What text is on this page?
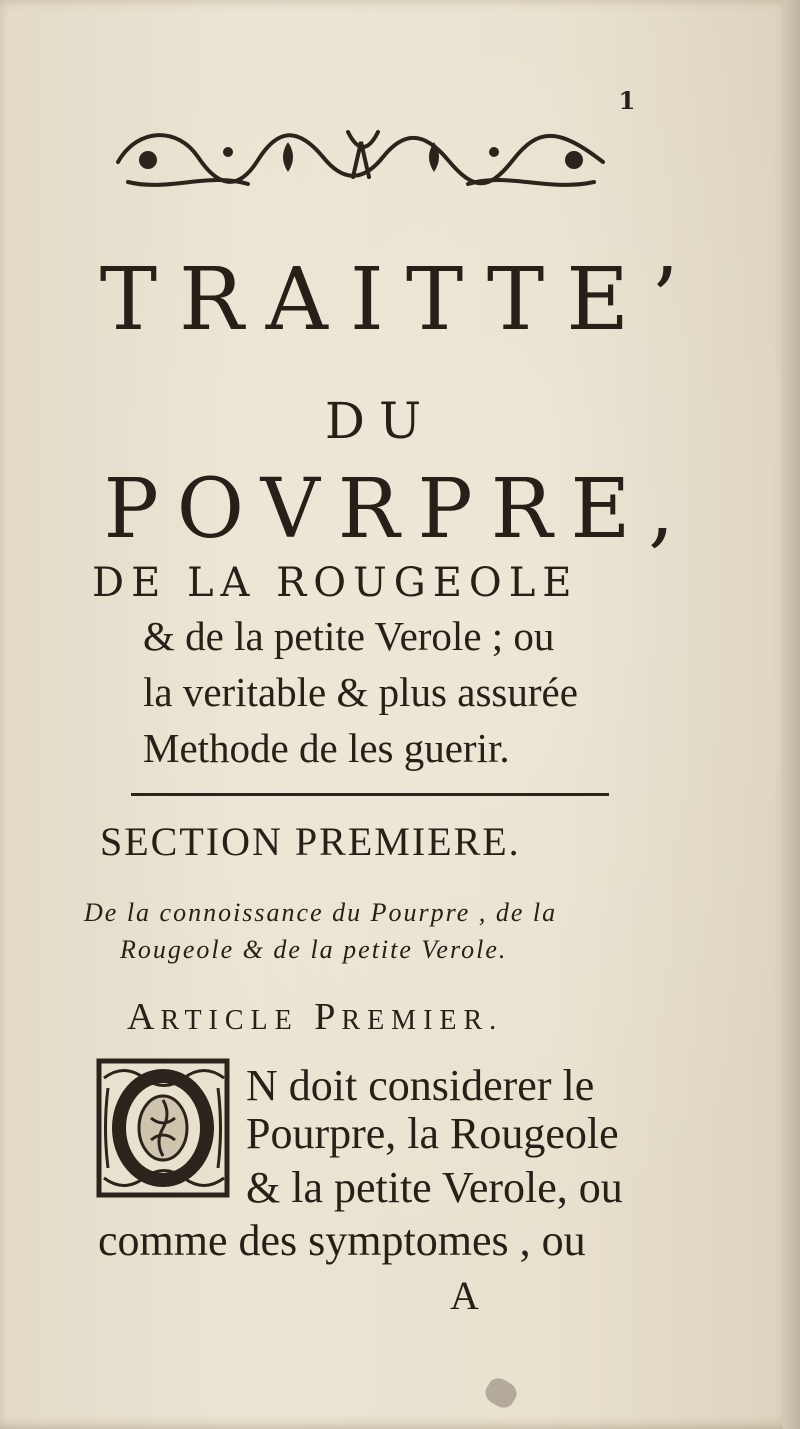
1
TRAITTE’
DU
POVRPRE,
DE LA ROUGEOLE
& de la petite Verole ; ou
la veritable & plus assurée
Methode de les guerir.
SECTION PREMIERE.
De la connoissance du Pourpre , de la
Rougeole & de la petite Verole.
ARTICLE PREMIER.
N doit considerer le
Pourpre, la Rougeole
& la petite Verole, ou
comme des symptomes , ou
A
